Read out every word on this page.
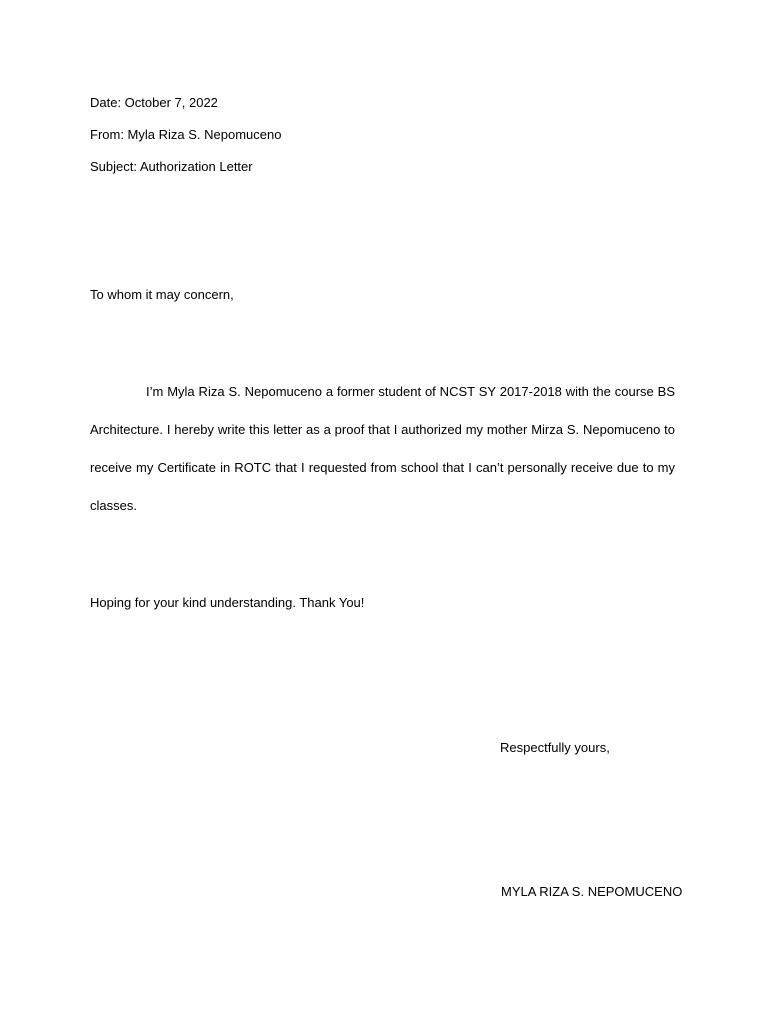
Date: October 7, 2022
From: Myla Riza S. Nepomuceno
Subject: Authorization Letter
To whom it may concern,
I’m Myla Riza S. Nepomuceno a former student of NCST SY 2017-2018 with the course BS Architecture. I hereby write this letter as a proof that I authorized my mother Mirza S. Nepomuceno to receive my Certificate in ROTC that I requested from school that I can’t personally receive due to my classes.
Hoping for your kind understanding. Thank You!
Respectfully yours,
MYLA RIZA S. NEPOMUCENO
